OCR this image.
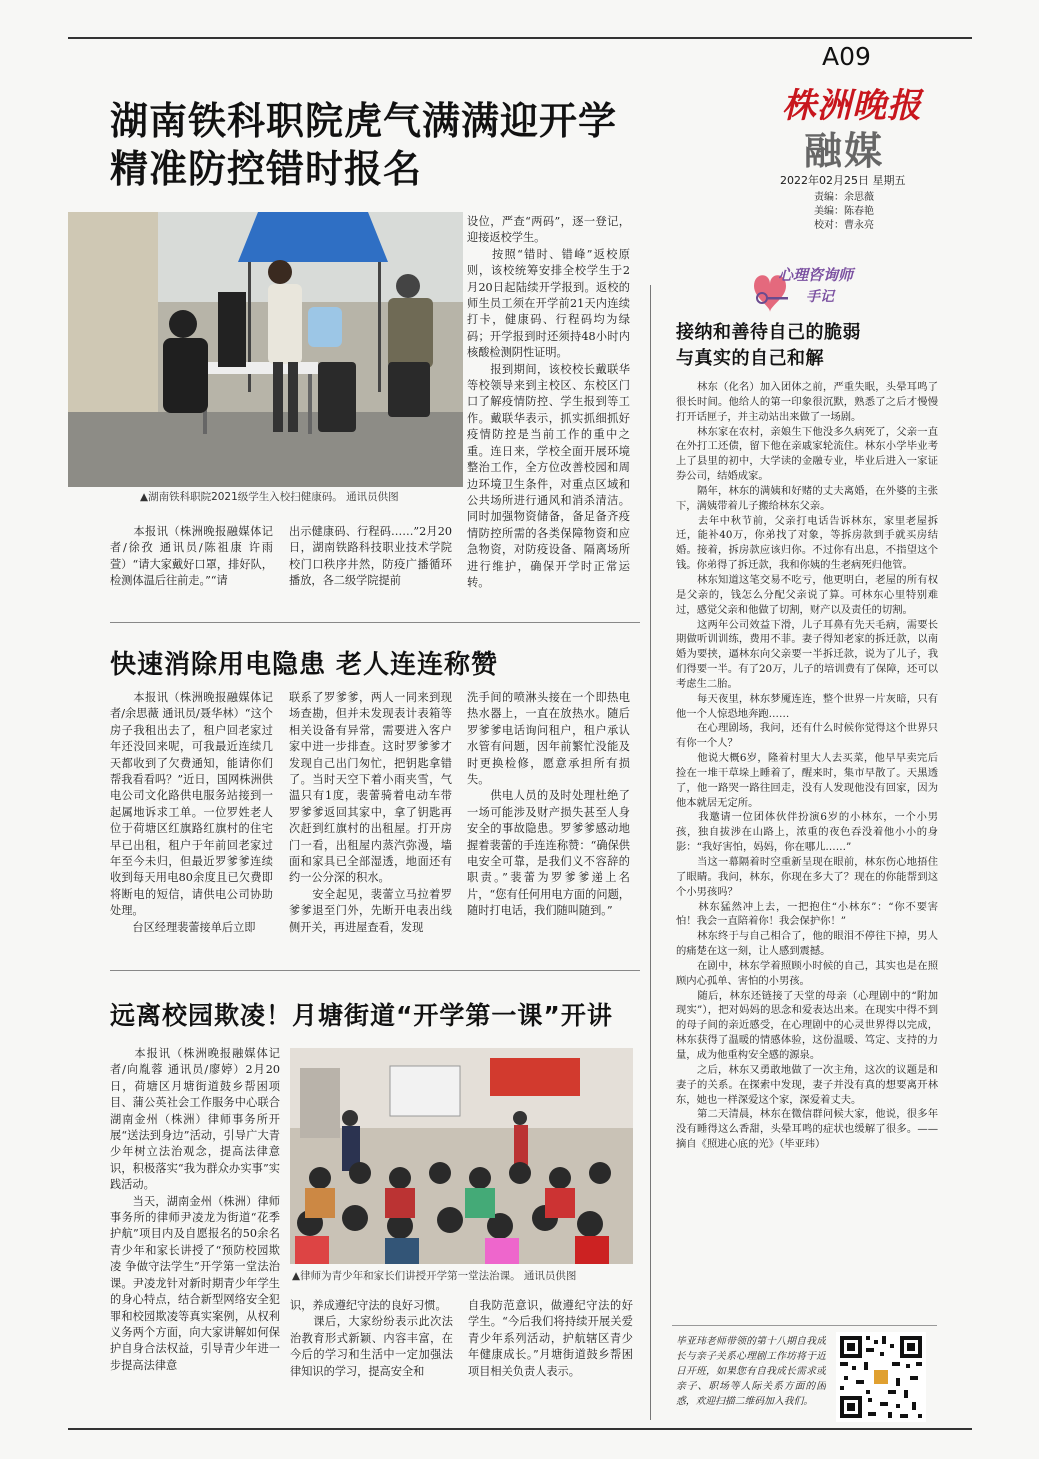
A09
株洲晚报
融媒
2022年02月25日 星期五
责编：余思薇
美编：陈春艳
校对：曹永亮
湖南铁科职院虎气满满迎开学
精准防控错时报名
▲湖南铁科职院2021级学生入校扫健康码。 通讯员供图
设位，严查“两码”，逐一登记，迎接返校学生。
　　按照“错时、错峰”返校原则，该校统筹安排全校学生于2月20日起陆续开学报到。返校的师生员工须在开学前21天内连续打卡，健康码、行程码均为绿码；开学报到时还须持48小时内核酸检测阴性证明。
　　报到期间，该校校长戴联华等校领导来到主校区、东校区门口了解疫情防控、学生报到等工作。戴联华表示，抓实抓细抓好疫情防控是当前工作的重中之重。连日来，学校全面开展环境整治工作，全方位改善校园和周边环境卫生条件，对重点区域和公共场所进行通风和消杀清洁。同时加强物资储备，备足备齐疫情防控所需的各类保障物资和应急物资，对防疫设备、隔离场所进行维护，确保开学时正常运转。
　　本报讯（株洲晚报融媒体记者/徐孜 通讯员/陈祖康 许雨萱）“请大家戴好口罩，排好队，检测体温后往前走。”“请
出示健康码、行程码……”2月20日，湖南铁路科技职业技术学院校门口秩序井然，防疫广播循环播放，各二级学院提前
快速消除用电隐患 老人连连称赞
　　本报讯（株洲晚报融媒体记者/余思薇 通讯员/聂华林）“这个房子我租出去了，租户回老家过年还没回来呢，可我最近连续几天都收到了欠费通知，能请你们帮我看看吗？”近日，国网株洲供电公司文化路供电服务站接到一起属地诉求工单。一位罗姓老人位于荷塘区红旗路红旗村的住宅早已出租，租户于年前回老家过年至今未归，但最近罗爹爹连续收到每天用电80余度且已欠费即将断电的短信，请供电公司协助处理。
　　台区经理裴蕾接单后立即
联系了罗爹爹，两人一同来到现场查勘，但并未发现表计表箱等相关设备有异常，需要进入客户家中进一步排查。这时罗爹爹才发现自己出门匆忙，把钥匙拿错了。当时天空下着小雨夹雪，气温只有1度，裴蕾骑着电动车带罗爹爹返回其家中，拿了钥匙再次赶到红旗村的出租屋。打开房门一看，出租屋内蒸汽弥漫，墙面和家具已全部湿透，地面还有约一公分深的积水。
　　安全起见，裴蕾立马拉着罗爹爹退至门外，先断开电表出线侧开关，再进屋查看，发现
洗手间的喷淋头接在一个即热电热水器上，一直在放热水。随后罗爹爹电话询问租户，租户承认水管有问题，因年前繁忙没能及时更换检修，愿意承担所有损失。
　　供电人员的及时处理杜绝了一场可能涉及财产损失甚至人身安全的事故隐患。罗爹爹感动地握着裴蕾的手连连称赞：“确保供电安全可靠，是我们义不容辞的职责。”裴蕾为罗爹爹递上名片，“您有任何用电方面的问题，随时打电话，我们随叫随到。”
远离校园欺凌！月塘街道“开学第一课”开讲
　　本报讯（株洲晚报融媒体记者/向胤蓉 通讯员/廖婷）2月20日，荷塘区月塘街道鼓乡帮困项目、蒲公英社会工作服务中心联合湖南金州（株洲）律师事务所开展“送法到身边”活动，引导广大青少年树立法治观念，提高法律意识，积极落实“我为群众办实事”实践活动。
　　当天，湖南金州（株洲）律师事务所的律师尹凌龙为街道“花季护航”项目内及自愿报名的50余名青少年和家长讲授了“预防校园欺凌 争做守法学生”开学第一堂法治课。尹凌龙针对新时期青少年学生的身心特点，结合新型网络安全犯罪和校园欺凌等真实案例，从权利义务两个方面，向大家讲解如何保护自身合法权益，引导青少年进一步提高法律意
▲律师为青少年和家长们讲授开学第一堂法治课。 通讯员供图
识，养成遵纪守法的良好习惯。
　　课后，大家纷纷表示此次法治教育形式新颖、内容丰富，在今后的学习和生活中一定加强法律知识的学习，提高安全和
自我防范意识，做遵纪守法的好学生。“今后我们将持续开展关爱青少年系列活动，护航辖区青少年健康成长。”月塘街道鼓乡帮困项目相关负责人表示。
心理咨询师
手记
接纳和善待自己的脆弱
与真实的自己和解
　　林东（化名）加入团体之前，严重失眠，头晕耳鸣了很长时间。他给人的第一印象很沉默，熟悉了之后才慢慢打开话匣子，并主动站出来做了一场剧。
　　林东家在农村，亲娘生下他没多久病死了，父亲一直在外打工还债，留下他在亲戚家轮流住。林东小学毕业考上了县里的初中，大学读的金融专业，毕业后进入一家证券公司，结婚成家。
　　隔年，林东的满姨和好赌的丈夫离婚，在外婆的主张下，满姨带着儿子搬给林东父亲。
　　去年中秋节前，父亲打电话告诉林东，家里老屋拆迁，能补40万，你弟找了对象，等拆房款到手就买房结婚。接着，拆房款应该归你。不过你有出息，不指望这个钱。你弟得了拆迁款，我和你姨的生老病死归他管。
　　林东知道这笔交易不吃亏，他更明白，老屋的所有权是父亲的，钱怎么分配父亲说了算。可林东心里特别难过，感觉父亲和他做了切割，财产以及责任的切割。
　　这两年公司效益下滑，儿子耳鼻有先天毛病，需要长期做听训训练，费用不菲。妻子得知老家的拆迁款，以南婚为要挟，逼林东向父亲要一半拆迁款，说为了儿子，我们得要一半。有了20万，儿子的培训费有了保障，还可以考虑生二胎。
　　每天夜里，林东梦魇连连，整个世界一片灰暗，只有他一个人惊恐地奔跑……
　　在心理剧场，我问，还有什么时候你觉得这个世界只有你一个人？
　　他说大概6岁，隆着村里大人去买菜，他早早卖完后捡在一堆干草垛上睡着了，醒来时，集市早散了。天黑透了，他一路哭一路往回走，没有人发现他没有回家，因为他本就居无定所。
　　我邀请一位团体伙伴扮演6岁的小林东，一个小男孩，独自拔涉在山路上，浓重的夜色吞没着他小小的身影：“我好害怕，妈妈，你在哪儿……”
　　当这一幕隔着时空重新呈现在眼前，林东伤心地捂住了眼睛。我问，林东，你现在多大了？现在的你能帮到这个小男孩吗？
　　林东猛然冲上去，一把抱住“小林东”：“你不要害怕！我会一直陪着你！我会保护你！”
　　林东终于与自己相合了，他的眼泪不停往下掉，男人的痛楚在这一刻，让人感到震撼。
　　在剧中，林东学着照顾小时候的自己，其实也是在照顾内心孤单、害怕的小男孩。
　　随后，林东还链接了天堂的母亲（心理剧中的“附加现实”），把对妈妈的思念和爱表达出来。在现实中得不到的母子间的亲近感受，在心理剧中的心灵世界得以完成，林东获得了温暖的情感体验，这份温暖、笃定、支持的力量，成为他重构安全感的源泉。
　　之后，林东又勇敢地做了一次主角，这次的议题是和妻子的关系。在探索中发现，妻子并没有真的想要离开林东，她也一样深爱这个家，深爱着丈夫。
　　第二天清晨，林东在微信群问候大家，他说，很多年没有睡得这么香甜，头晕耳鸣的症状也缓解了很多。——摘自《照进心底的光》（毕亚玮）
毕亚玮老师带领的第十八期自我成长与亲子关系心理剧工作坊将于近日开班，如果您有自我成长需求或亲子、职场等人际关系方面的困惑，欢迎扫描二维码加入我们。
